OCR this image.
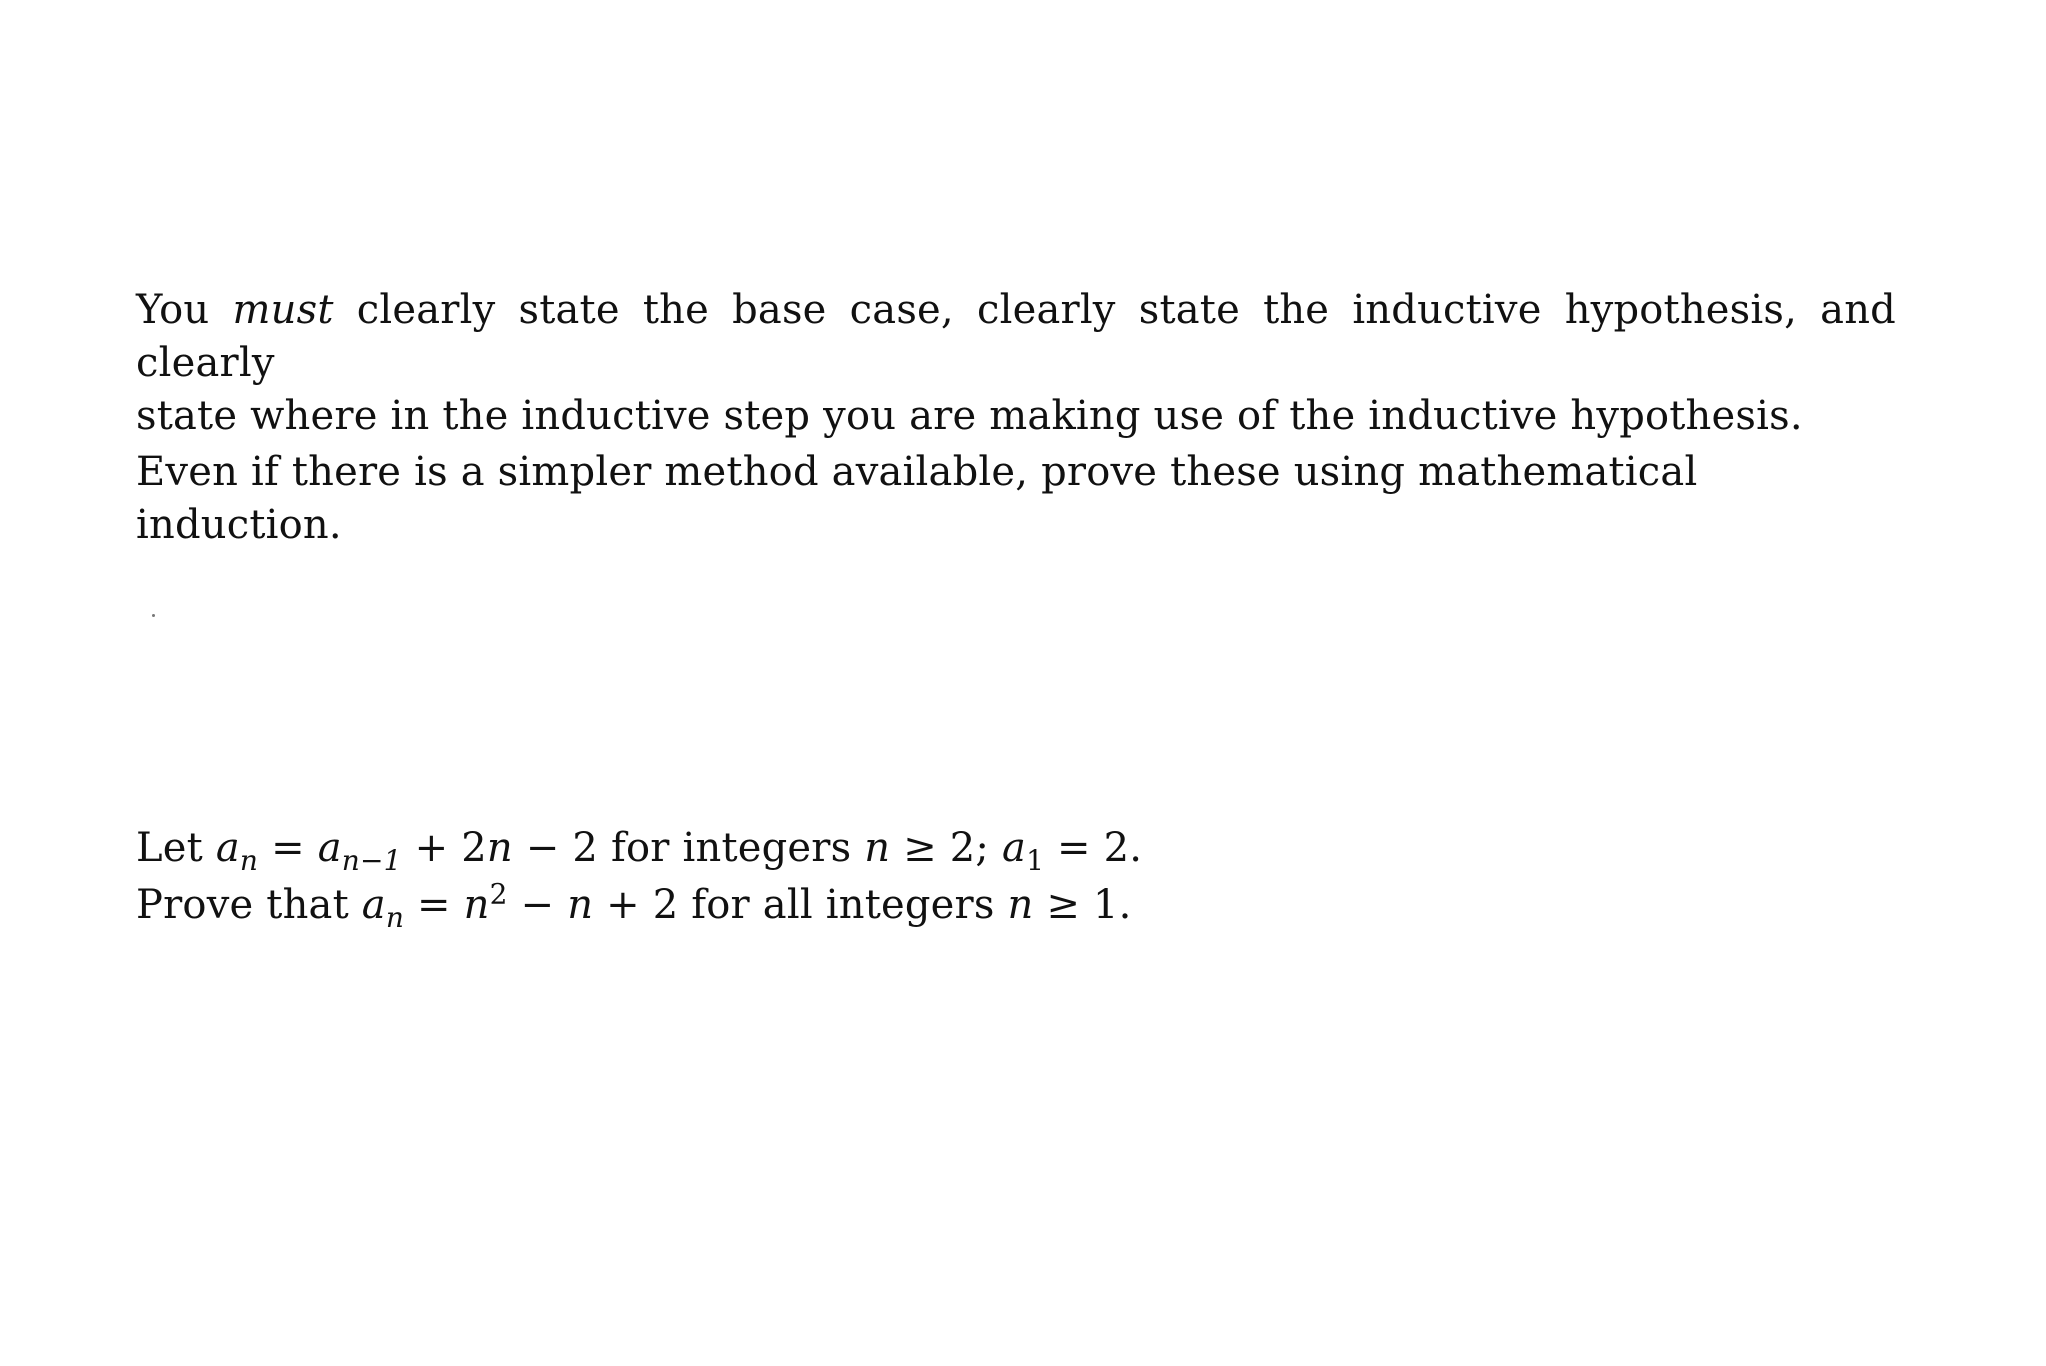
You must clearly state the base case, clearly state the inductive hypothesis, and clearly
state where in the inductive step you are making use of the inductive hypothesis.
Even if there is a simpler method available, prove these using mathematical induction.
Let $a_n = a_{n-1} + 2n - 2$ for integers n ≥ 2; $a_1 = 2$.
Prove that $a_n = n^2 - n + 2$ for all integers n ≥ 1.
